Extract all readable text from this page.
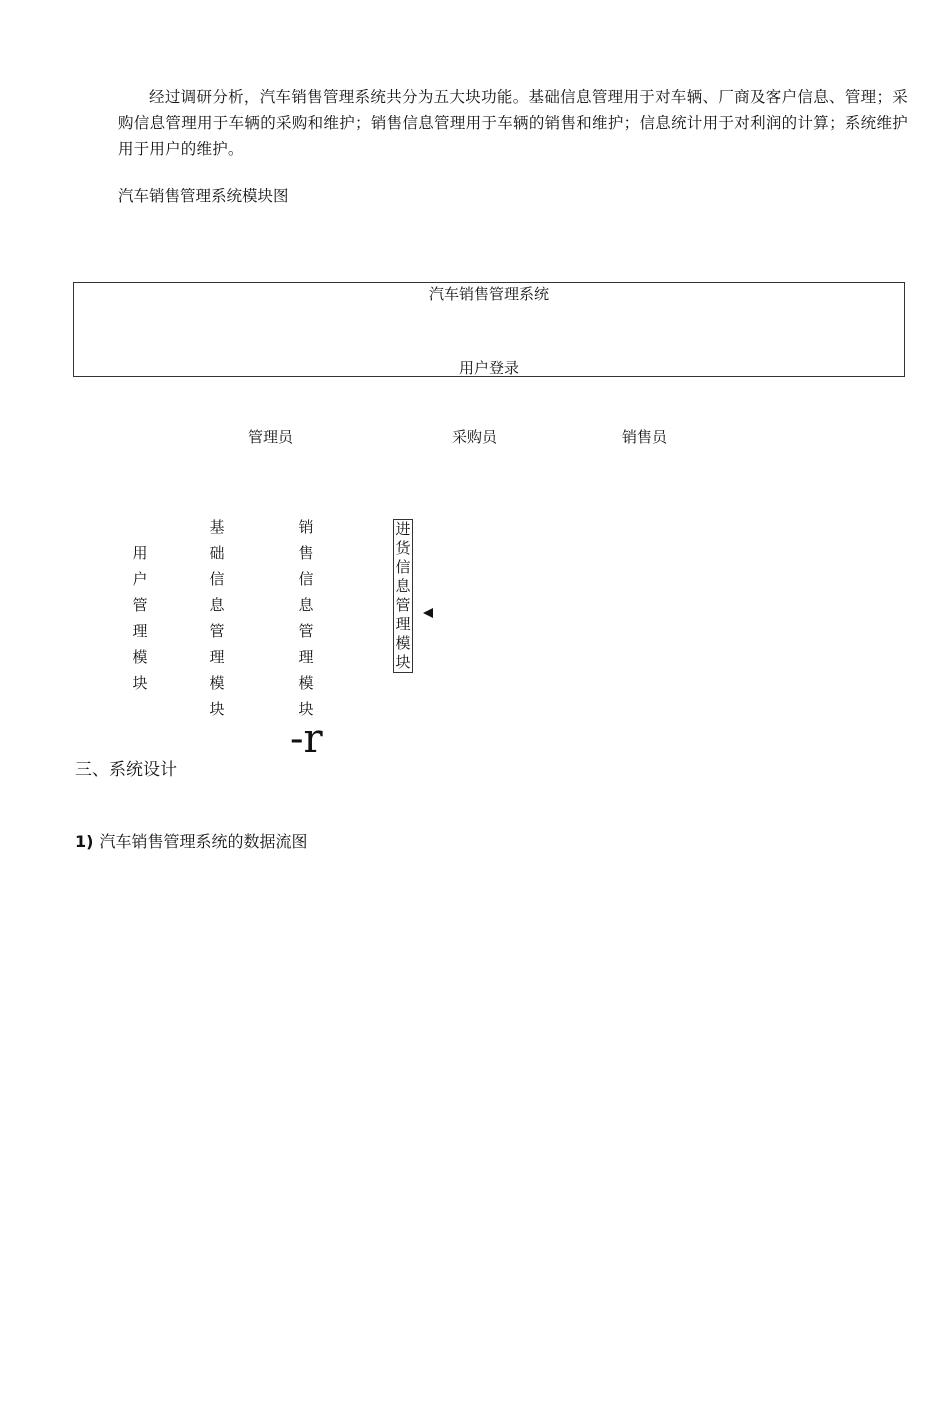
经过调研分析，汽车销售管理系统共分为五大块功能。基础信息管理用于对车辆、厂商及客户信息、管理；采购信息管理用于车辆的采购和维护；销售信息管理用于车辆的销售和维护；信息统计用于对利润的计算；系统维护用于用户的维护。
汽车销售管理系统模块图
汽车销售管理系统
用户登录
管理员	采购员	销售员
用户管理模块
基础信息管理模块
销售信息管理模块
进货信息管理模块
-r
三、系统设计
1) 汽车销售管理系统的数据流图
